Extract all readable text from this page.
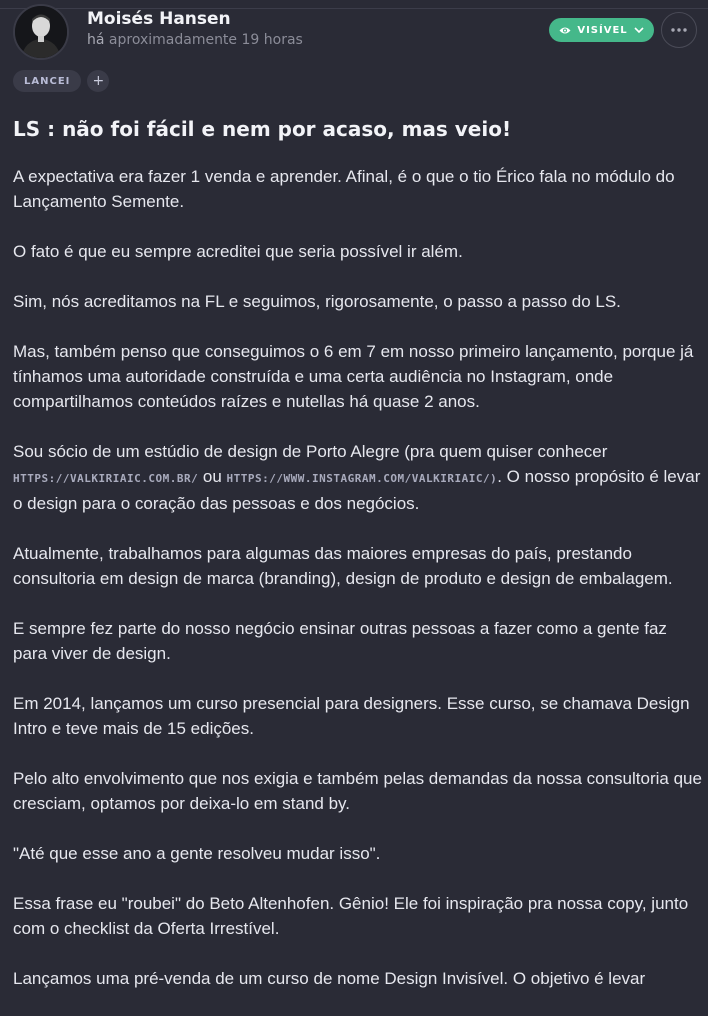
Moisés Hansen
há aproximadamente 19 horas
VISÍVEL
LANCEI	+
LS : não foi fácil e nem por acaso, mas veio!

A expectativa era fazer 1 venda e aprender. Afinal, é o que o tio Érico fala no módulo do Lançamento Semente.

O fato é que eu sempre acreditei que seria possível ir além.

Sim, nós acreditamos na FL e seguimos, rigorosamente, o passo a passo do LS.

Mas, também penso que conseguimos o 6 em 7 em nosso primeiro lançamento, porque já tínhamos uma autoridade construída e uma certa audiência no Instagram, onde compartilhamos conteúdos raízes e nutellas há quase 2 anos.

Sou sócio de um estúdio de design de Porto Alegre (pra quem quiser conhecer HTTPS://VALKIRIAIC.COM.BR/ ou HTTPS://WWW.INSTAGRAM.COM/VALKIRIAIC/). O nosso propósito é levar o design para o coração das pessoas e dos negócios.

Atualmente, trabalhamos para algumas das maiores empresas do país, prestando consultoria em design de marca (branding), design de produto e design de embalagem.

E sempre fez parte do nosso negócio ensinar outras pessoas a fazer como a gente faz para viver de design.

Em 2014, lançamos um curso presencial para designers. Esse curso, se chamava Design Intro e teve mais de 15 edições.

Pelo alto envolvimento que nos exigia e também pelas demandas da nossa consultoria que cresciam, optamos por deixa-lo em stand by.

"Até que esse ano a gente resolveu mudar isso".

Essa frase eu "roubei" do Beto Altenhofen. Gênio! Ele foi inspiração pra nossa copy, junto com o checklist da Oferta Irrestível.

Lançamos uma pré-venda de um curso de nome Design Invisível. O objetivo é levar
